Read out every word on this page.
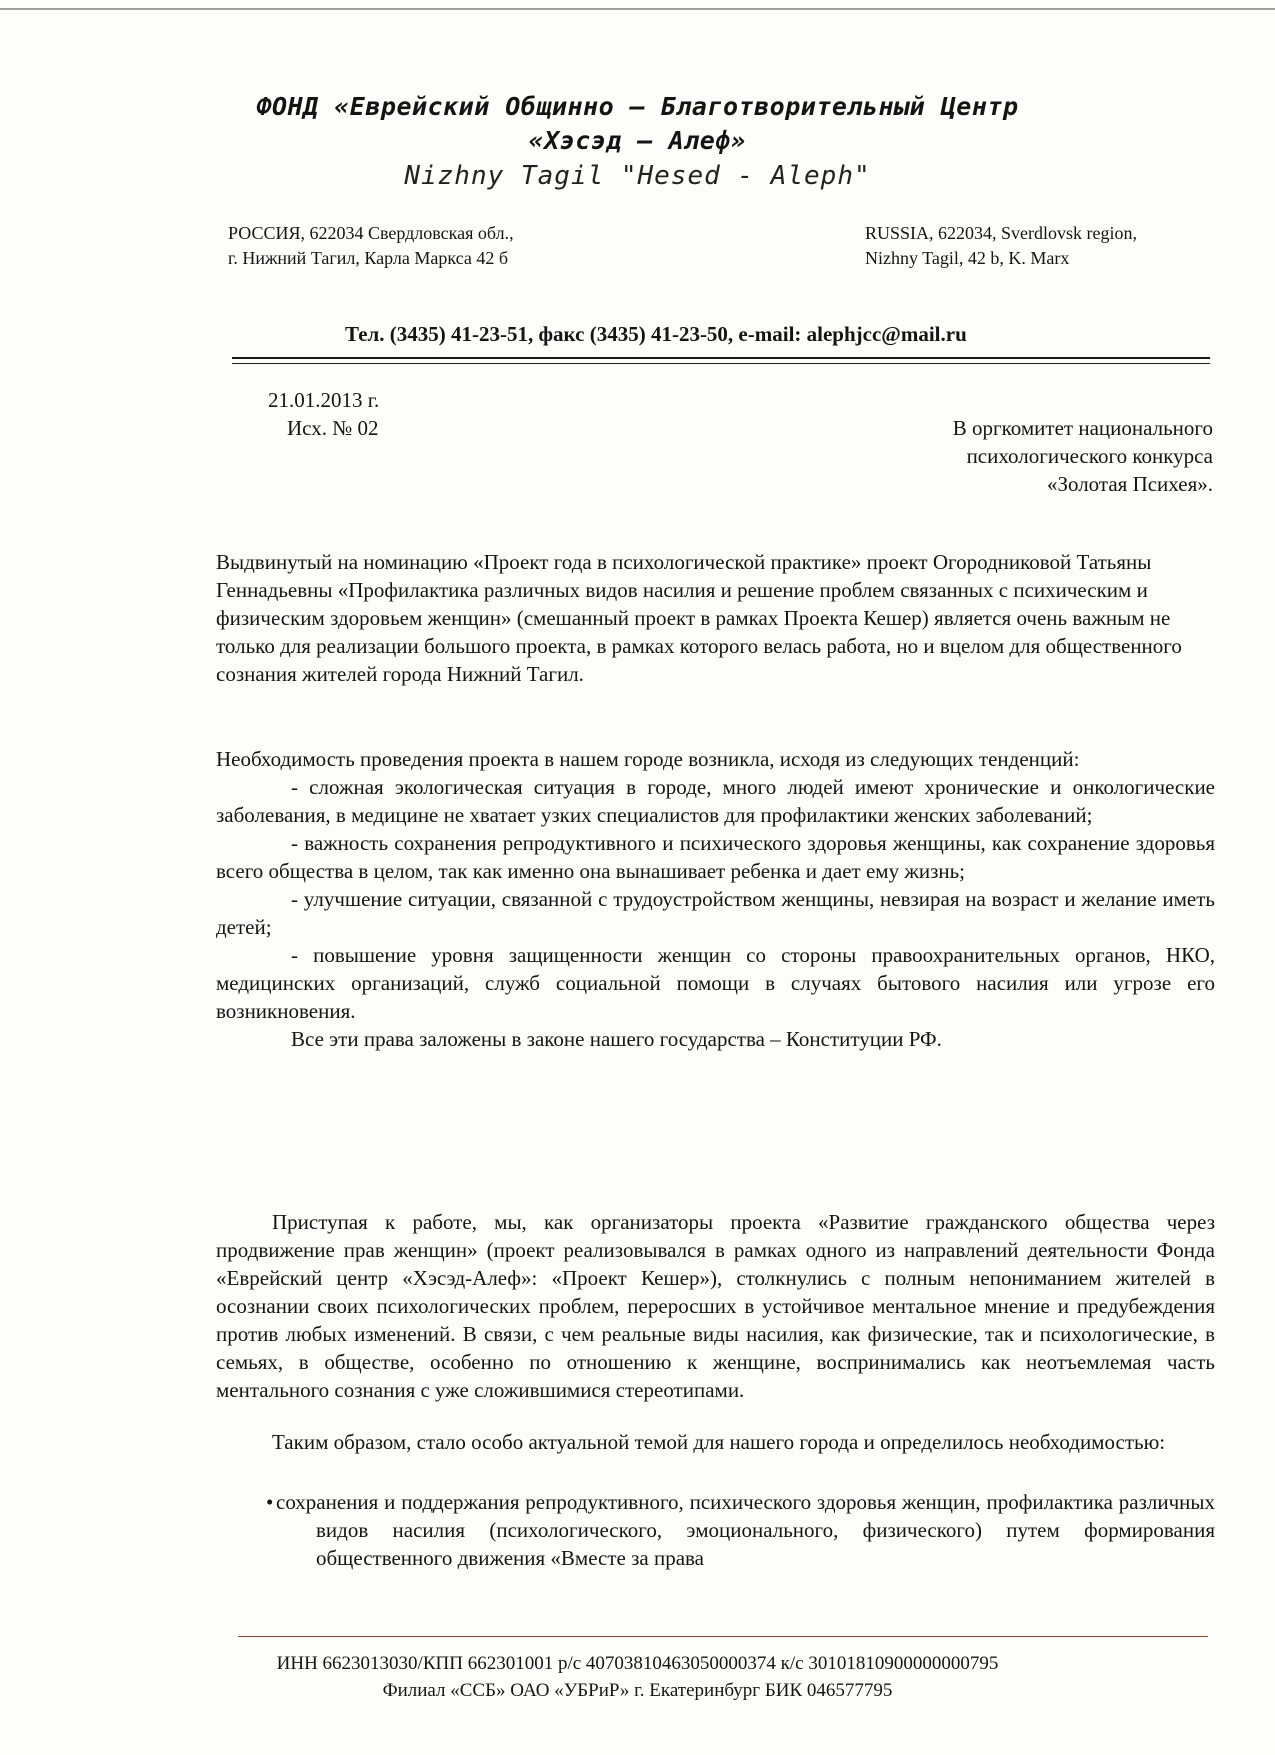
ФОНД «Еврейский Общинно – Благотворительный Центр
«Хэсэд – Алеф»
Nizhny Tagil "Hesed - Aleph"
РОССИЯ, 622034 Свердловская обл.,
г. Нижний Тагил, Карла Маркса 42 б
RUSSIA, 622034, Sverdlovsk region,
Nizhny Tagil, 42 b, K. Marx
Тел. (3435) 41-23-51, факс (3435) 41-23-50, e-mail: alephjcc@mail.ru
21.01.2013 г.
Исх. № 02	В оргкомитет национального
психологического конкурса
«Золотая Психея».

Выдвинутый на номинацию «Проект года в психологической практике» проект Огородниковой Татьяны Геннадьевны «Профилактика различных видов насилия и решение проблем связанных с психическим и физическим здоровьем женщин» (смешанный проект в рамках Проекта Кешер) является очень важным не только для реализации большого проекта, в рамках которого велась работа, но и вцелом для общественного сознания жителей города Нижний Тагил.

Необходимость проведения проекта в нашем городе возникла, исходя из следующих тенденций:
- сложная экологическая ситуация в городе, много людей имеют хронические и онкологические заболевания, в медицине не хватает узких специалистов для профилактики женских заболеваний;
- важность сохранения репродуктивного и психического здоровья женщины, как сохранение здоровья всего общества в целом, так как именно она вынашивает ребенка и дает ему жизнь;
- улучшение ситуации, связанной с трудоустройством женщины, невзирая на возраст и желание иметь детей;
- повышение уровня защищенности женщин со стороны правоохранительных органов, НКО, медицинских организаций, служб социальной помощи в случаях бытового насилия или угрозе его возникновения.
Все эти права заложены в законе нашего государства – Конституции РФ.

Приступая к работе, мы, как организаторы проекта «Развитие гражданского общества через продвижение прав женщин» (проект реализовывался в рамках одного из направлений деятельности Фонда «Еврейский центр «Хэсэд-Алеф»: «Проект Кешер»), столкнулись с полным непониманием жителей в осознании своих психологических проблем, переросших в устойчивое ментальное мнение и предубеждения против любых изменений. В связи, с чем реальные виды насилия, как физические, так и психологические, в семьях, в обществе, особенно по отношению к женщине, воспринимались как неотъемлемая часть ментального сознания с уже сложившимися стереотипами.

Таким образом, стало особо актуальной темой для нашего города и определилось необходимостью:

• сохранения и поддержания репродуктивного, психического здоровья женщин, профилактика различных видов насилия (психологического, эмоционального, физического) путем формирования общественного движения «Вместе за права

ИНН 6623013030/КПП 662301001 р/с 40703810463050000374 к/с 30101810900000000795
Филиал «ССБ» ОАО «УБРиР» г. Екатеринбург БИК 046577795
